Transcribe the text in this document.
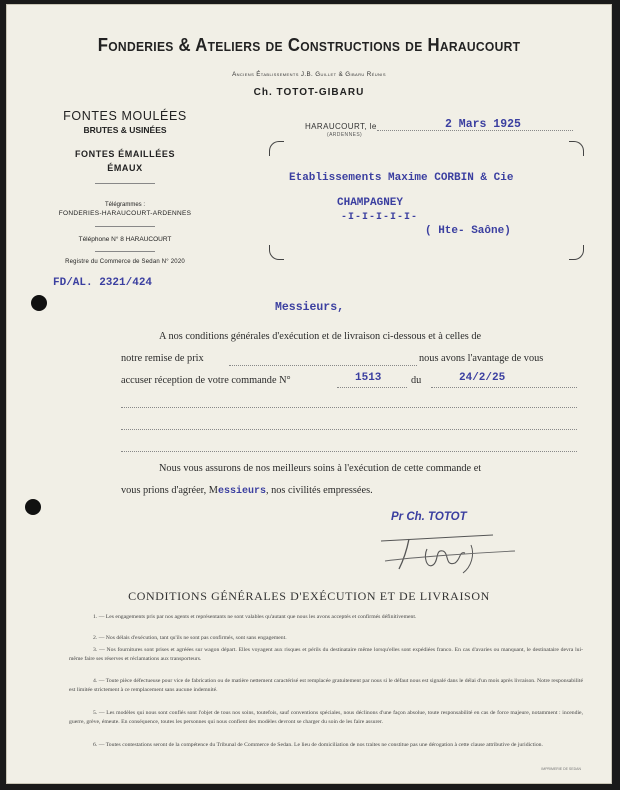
Fonderies & Ateliers de Constructions de Haraucourt
Anciens Établissements J.B. Guillet & Gibaru Réunis
Ch. TOTOT-GIBARU
FONTES MOULÉES
BRUTES & USINÉES
FONTES ÉMAILLÉES
ÉMAUX
Télégrammes :
FONDERIES-HARAUCOURT-ARDENNES
Téléphone N° 8 HARAUCOURT
Registre du Commerce de Sedan N° 2020
FD/AL. 2321/424
HARAUCOURT, le
(ARDENNES)
2 Mars 1925
Etablissements Maxime CORBIN & Cie
CHAMPAGNEY
-I-I-I-I-I-
( Hte- Saône)
Messieurs,
A nos conditions générales d'exécution et de livraison ci-dessous et à celles de
notre remise de prix	nous avons l'avantage de vous
accuser réception de votre commande N°	1513	du	24/2/25
Nous vous assurons de nos meilleurs soins à l'exécution de cette commande et
vous prions d'agréer, Messieurs, nos civilités empressées.
Pr Ch. TOTOT
CONDITIONS GÉNÉRALES D'EXÉCUTION ET DE LIVRAISON
1. — Les engagements pris par nos agents et représentants ne sont valables qu'autant que nous les avons acceptés et confirmés définitivement.
2. — Nos délais d'exécution, tant qu'ils ne sont pas confirmés, sont sans engagement.
3. — Nos fournitures sont prises et agréées sur wagon départ. Elles voyagent aux risques et périls du destinataire même lorsqu'elles sont expédiées franco. En cas d'avaries ou manquant, le destinataire devra lui-même faire ses réserves et réclamations aux transporteurs.
4. — Toute pièce défectueuse pour vice de fabrication ou de matière nettement caractérisé est remplacée gratuitement par nous si le défaut nous est signalé dans le délai d'un mois après livraison. Notre responsabilité est limitée strictement à ce remplacement sans aucune indemnité.
5. — Les modèles qui nous sont confiés sont l'objet de tous nos soins, toutefois, sauf conventions spéciales, nous déclinons d'une façon absolue, toute responsabilité en cas de force majeure, notamment : incendie, guerre, grève, émeute. En conséquence, toutes les personnes qui nous confient des modèles devront se charger du soin de les faire assurer.
6. — Toutes contestations seront de la compétence du Tribunal de Commerce de Sedan. Le lieu de domiciliation de nos traites ne constitue pas une dérogation à cette clause attributive de juridiction.
IMPRIMERIE DE SEDAN
